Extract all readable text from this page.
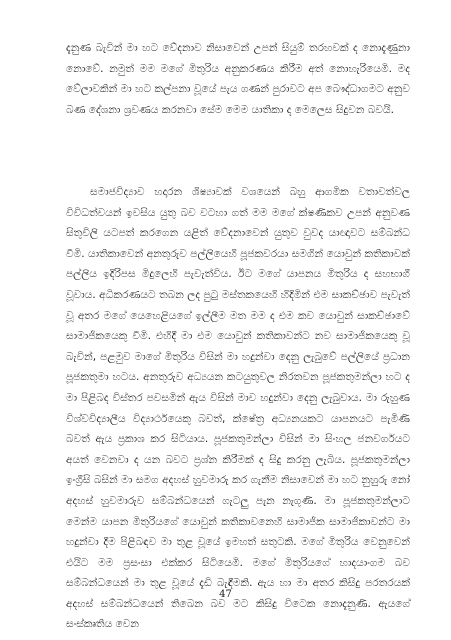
දැනුණ බැවින් මා හට වේදනාව නිසාවෙන් උපන් සියුම් තරහවක් ද නොදැණුනා නොවේ. නමුත් මම මගේ මිතුරිය අනුකරණය කිරීම අත් නොහැරියෙමි. මද වේලාවකින් මා හට කල්පනා වූයේ පැය ගණන් පුරාවට අප බෞද්ධාගමට අනුව බණ දේශනා ශ්‍රවණය කරනවා සේම මෙම යාතිකා ද මෙලෙස සිදුවන බවයි.

සමාජවිද්‍යාව හදාරන ශිෂ්‍යාවක් වශයෙන් බහු ආගමික වතාවත්වල විවිධත්වයන් ඉවසිය යුතු බව වටහා ගත් මම මගේ ක්ෂණිකව උපන් අනුවණ සිතුවිලි යටපත් කරගෙන යළිත් වේදනාවෙන් යුතුව වුවද යාඥාවට සම්බන්ධ වීමි. යාතිකාවෙන් අනතුරුව පල්ලියෙහි පූජකවරයා සමගින් යොවුන් කතිකාවක් පල්ලිය ඉදිරිපස මිදුලෙහි පැවැත්විය. ඊට මගේ යාපනය මිතුරිය ද සහභාගී වූවාය. අධිකරණයට තබන ලද පුටු මස්තකයෙහි හිදිමින් එම සාකච්ඡාව පැවැත් වූ අතර මගේ යෙහෙළියගේ ඉල්ලීම මත මම ද එම කව යොවුන් සාකච්ඡාවේ සාමාජිකයෙකු වීමි. එහිදී මා එම යොවුන් කතිකාවන්ට නව සාමාජිකයෙකු වූ බැවින්, පළමුව මාගේ මිතුරිය විසින් මා හදුන්වා දෙනු ලැබුවේ පල්ලියේ ප්‍රධාන පූජකතුමා හටය. අනතුරුව අධ්‍යයන කටයුතුවල නිරතවන පූජකතුමන්ලා හට ද මා පිළිබද විස්තර පවසමින් ඇය විසින් මාව හදුන්වා දෙනු ලැබුවාය. මා රුහුණ විශ්වවිද්‍යාලීය විද්‍යාර්ථයෙකු බවත්, ක්ෂේත්‍ර අධ්‍යනයකට යාපනයට පැමිණි බවත් ඇය ප්‍රකාශ කර සිටියාය. පූජකතුමන්ලා විසින් මා සිංහල ජනවර්ගයට අයත් වෙනවා ද යන බවට ප්‍රශ්න කිරීමක් ද සිදු කරනු ලැබිය. පූජකතුමන්ලා ඉංග්‍රීසි බසින් මා සමග අදහස් හුවමාරු කර ගැනීම නිසාවෙන් මා හට නුහුරු නෝ අදහස් හුවමාරුව සම්බන්ධයෙන් ගැටලු පැන නැගුණි. මා පූජකතුමන්ලාට මෙන්ම යාපන මිතුරියගේ යොවුන් කතිකාවනෙහි සාමාජික සාමාජිකාවන්ට මා හදුන්වා දීම පිළිබඳව මා තුළ වූයේ ඉමහත් සතුටකි. මගේ මිතුරිය වෙනුවෙන් එයිට මම ප්‍රසංසා එක්කර සිටියෙමි. මගේ මිතුරියගේ හාදයාංගම බව සම්බන්ධයෙන් මා තුළ වූයේ දැඩි බැඳීමකි. ඇය හා මා අතර කිසිදු පරතරයක් අදහස් සම්බන්ධයෙන් තිබෙන බව මට කිසිදු විටෙක නොදැනුණි. ඇයගේ සංස්කෘතිය වෙන

47
